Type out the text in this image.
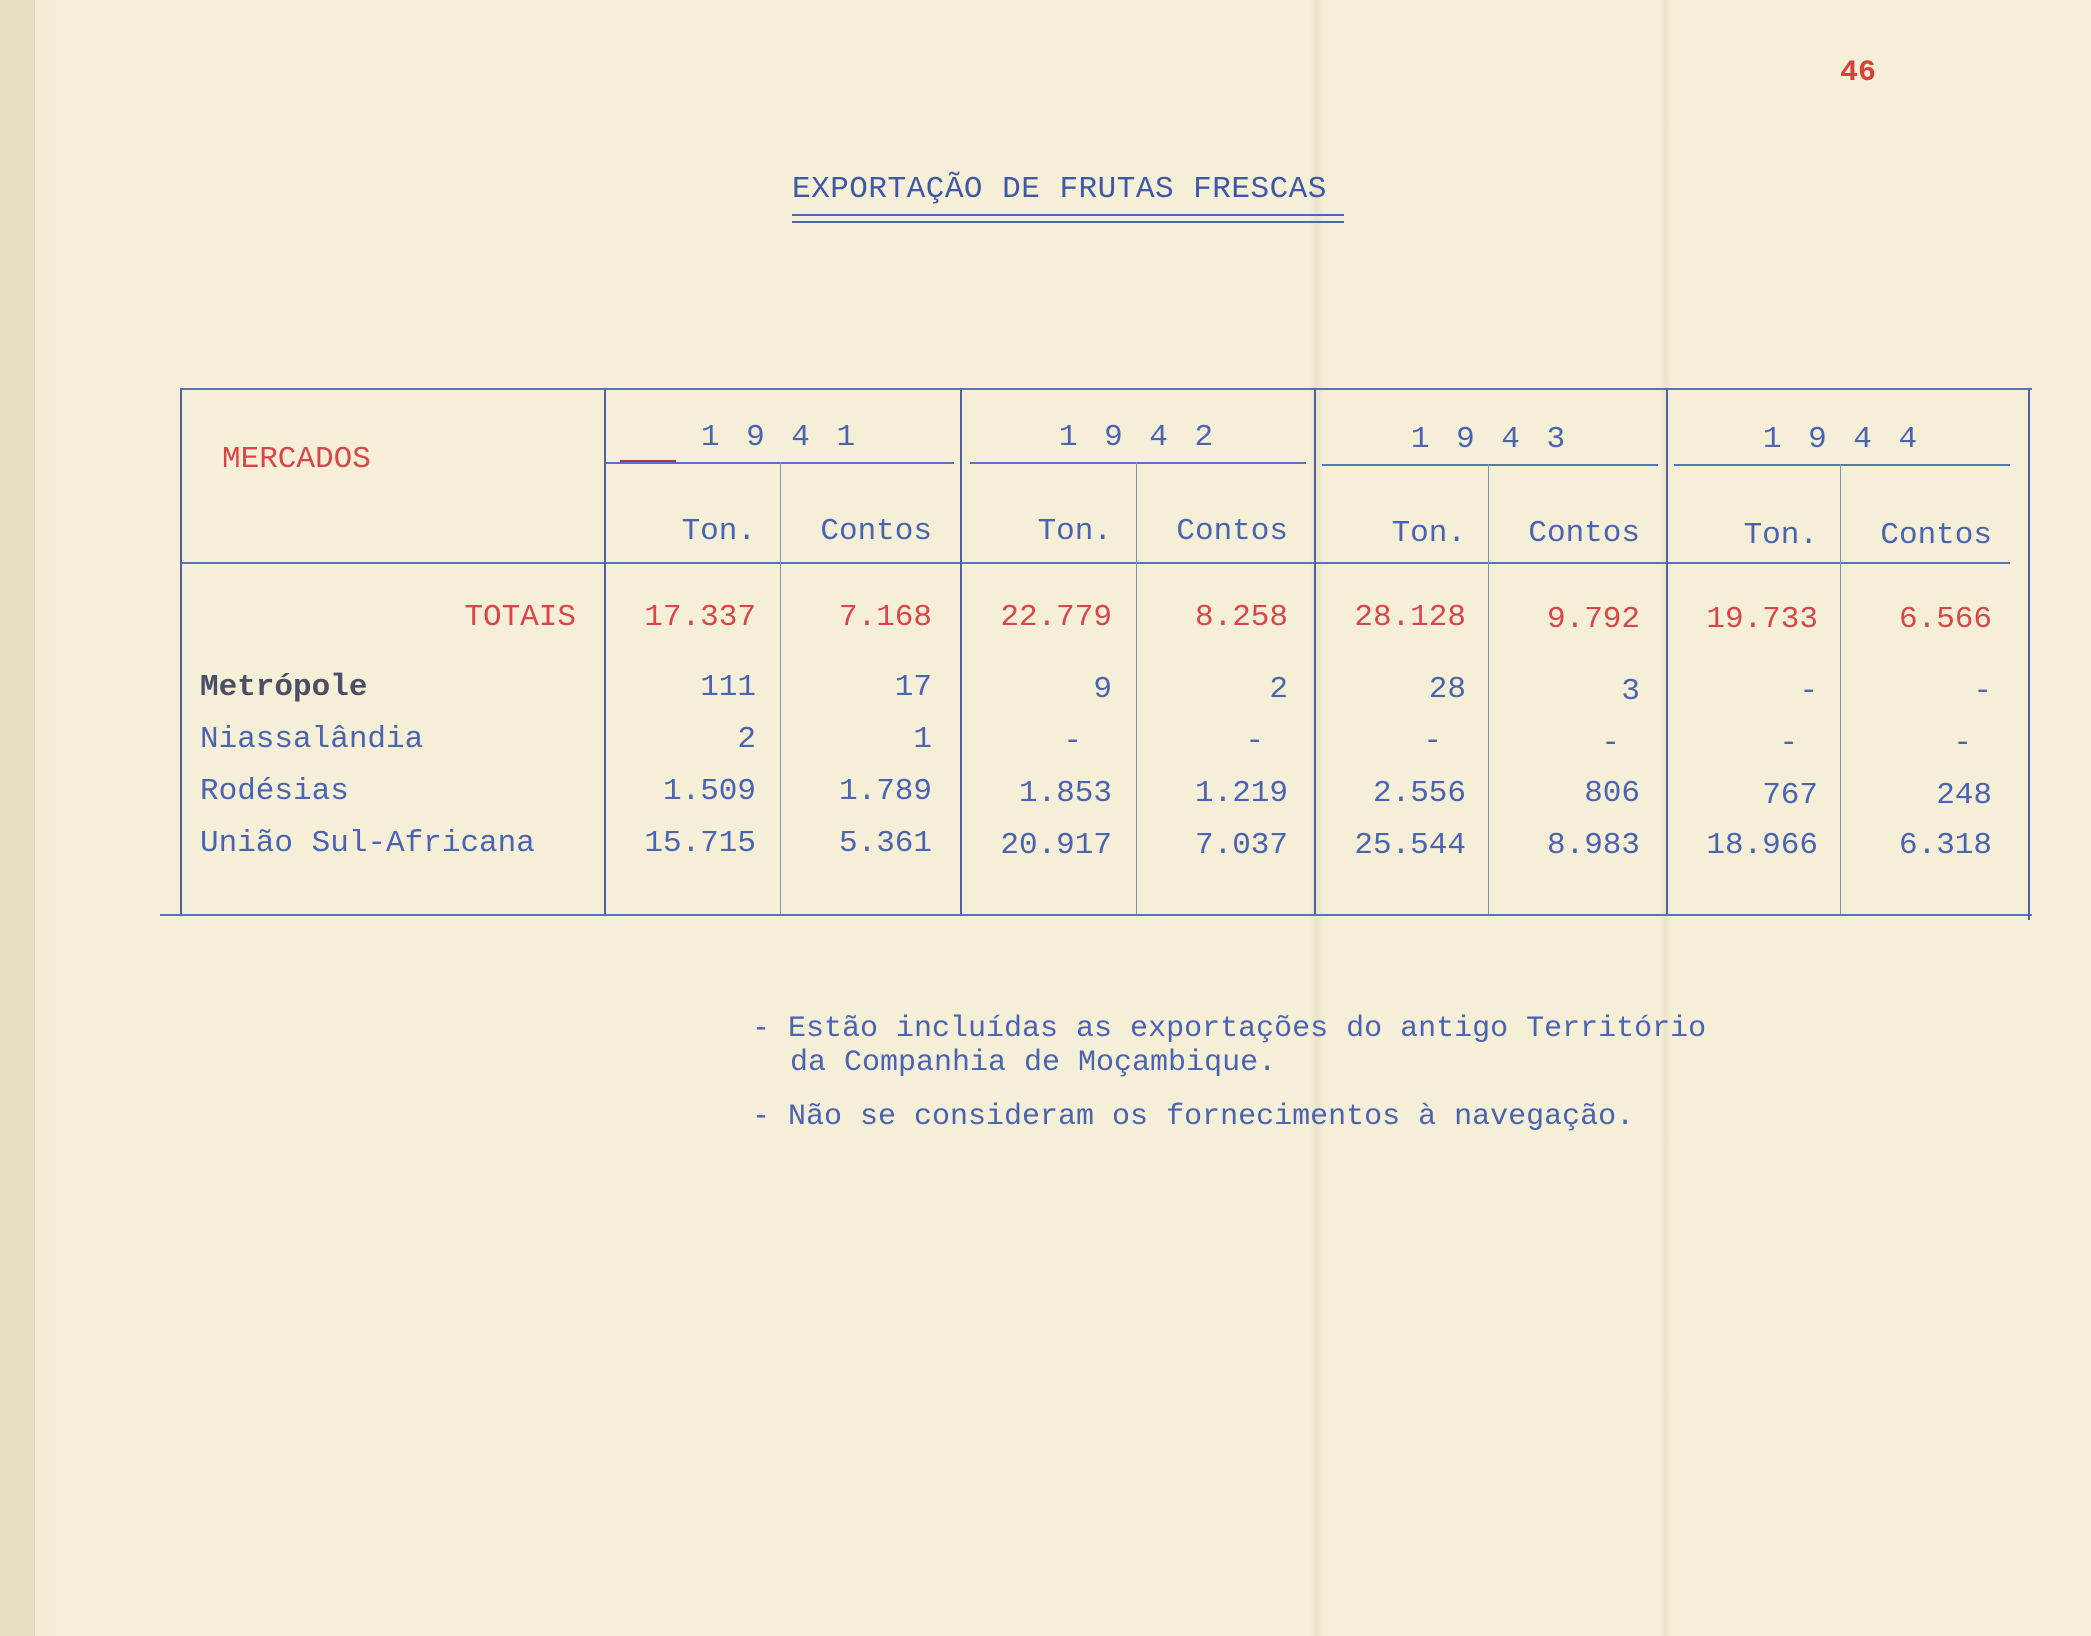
46
EXPORTAÇÃO DE FRUTAS FRESCAS
MERCADOS
1 9 4 1	1 9 4 2	1 9 4 3	1 9 4 4
Ton.	Contos	Ton.	Contos	Ton.	Contos	Ton.	Contos
TOTAIS	17.337	7.168	22.779	8.258	28.128	9.792	19.733	6.566
Metrópole	111	17	9	2	28	3	-	-
Niassalândia	2	1	-	-	-	-	-	-
Rodésias	1.509	1.789	1.853	1.219	2.556	806	767	248
União Sul-Africana	15.715	5.361	20.917	7.037	25.544	8.983	18.966	6.318
- Estão incluídas as exportações do antigo Território
da Companhia de Moçambique.
- Não se consideram os fornecimentos à navegação.
